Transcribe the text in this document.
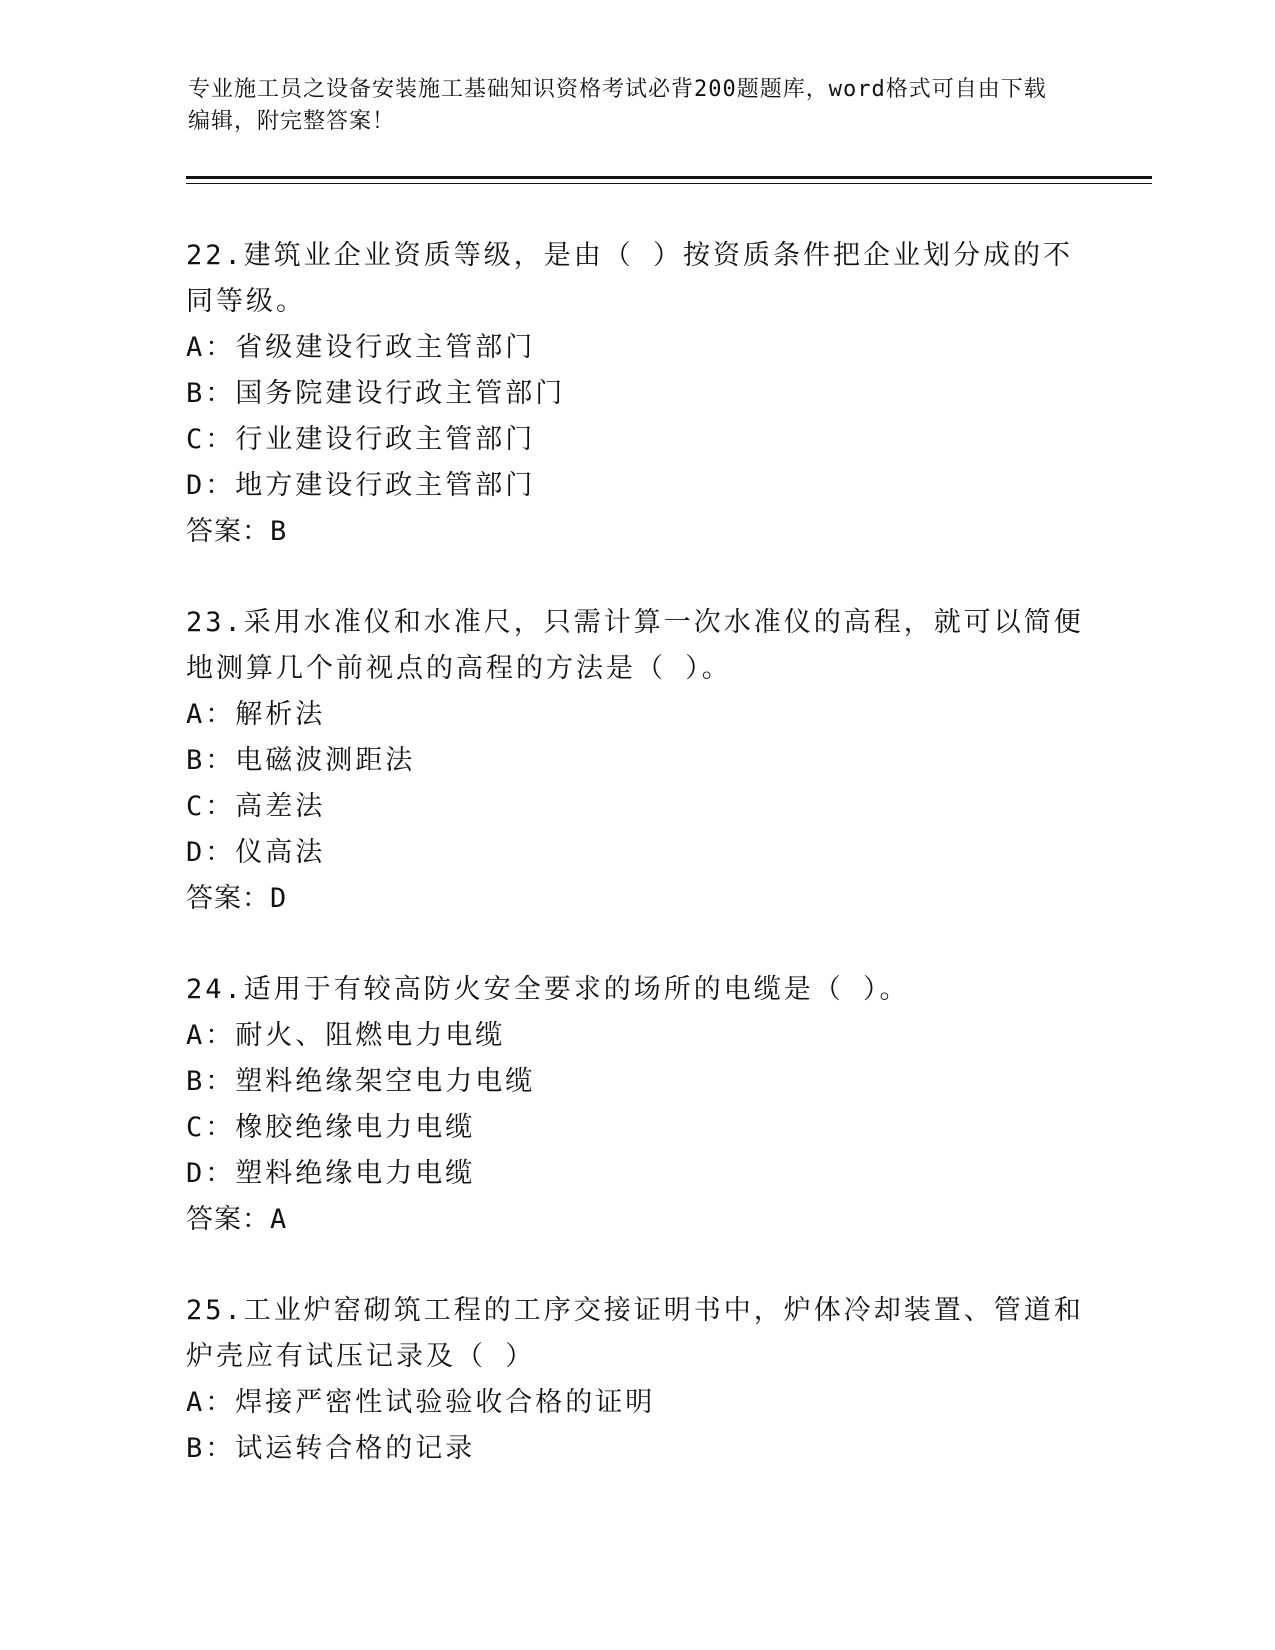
专业施工员之设备安装施工基础知识资格考试必背200题题库，word格式可自由下载编辑，附完整答案！

22.建筑业企业资质等级，是由（ ）按资质条件把企业划分成的不同等级。

A：省级建设行政主管部门

B：国务院建设行政主管部门

C：行业建设行政主管部门

D：地方建设行政主管部门

答案：B

23.采用水准仪和水准尺，只需计算一次水准仪的高程，就可以简便地测算几个前视点的高程的方法是（ ）。

A：解析法

B：电磁波测距法

C：高差法

D：仪高法

答案：D

24.适用于有较高防火安全要求的场所的电缆是（ ）。

A：耐火、阻燃电力电缆

B：塑料绝缘架空电力电缆

C：橡胶绝缘电力电缆

D：塑料绝缘电力电缆

答案：A

25.工业炉窑砌筑工程的工序交接证明书中，炉体冷却装置、管道和炉壳应有试压记录及（ ）

A：焊接严密性试验验收合格的证明

B：试运转合格的记录
